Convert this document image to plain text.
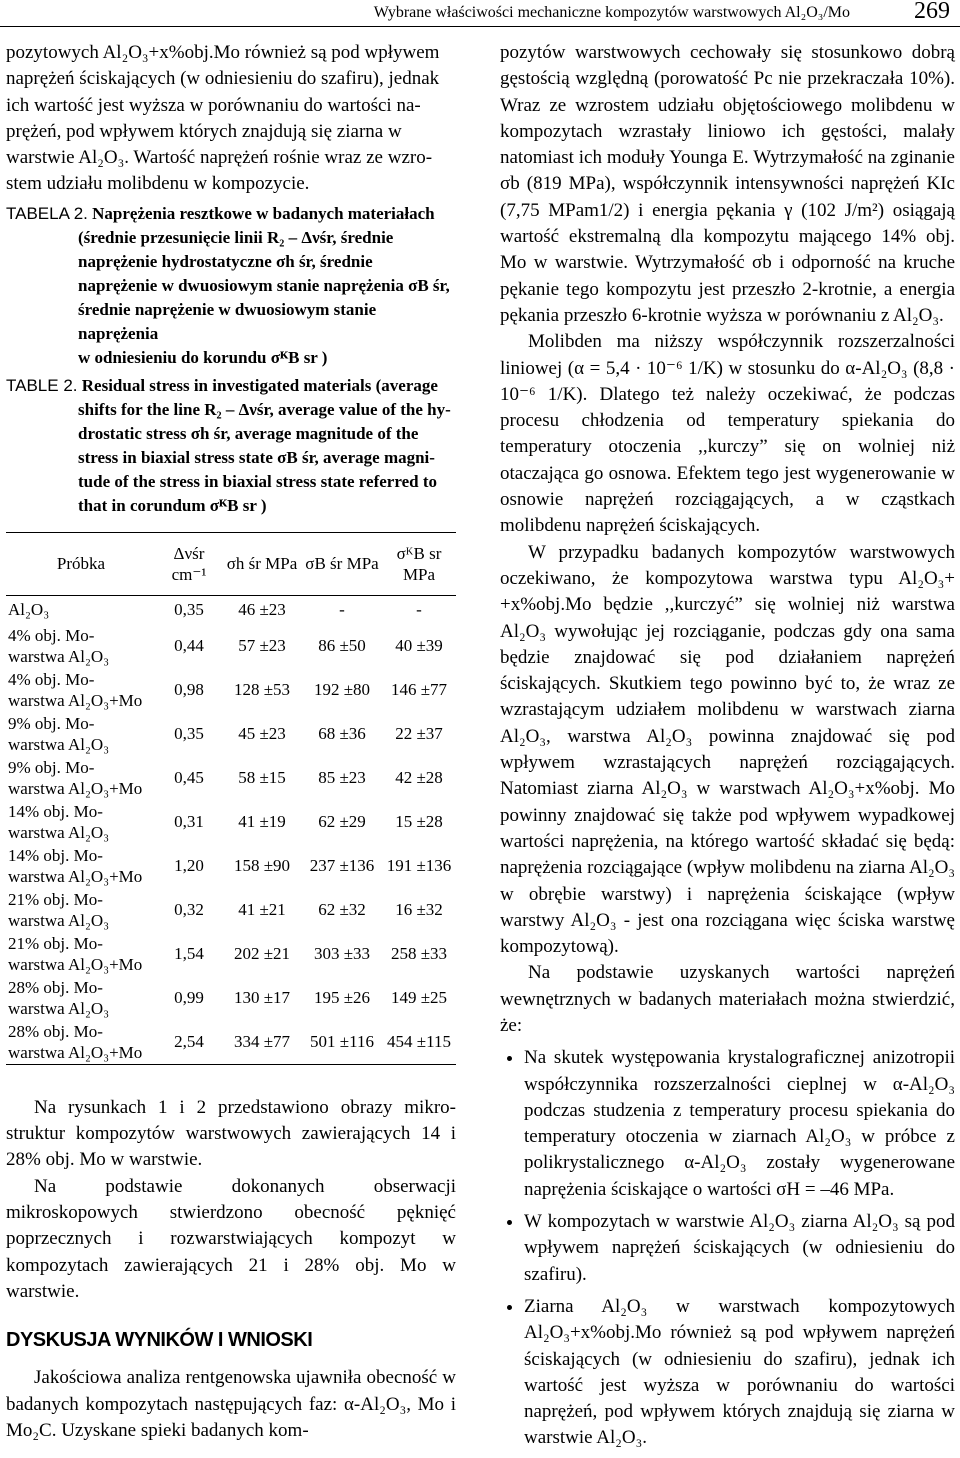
Wybrane właściwości mechaniczne kompozytów warstwowych Al₂O₃/Mo	269

pozytowych Al₂O₃+x%obj.Mo również są pod wpływem
naprężeń ściskających (w odniesieniu do szafiru), jednak
ich wartość jest wyższa w porównaniu do wartości na-
prężeń, pod wpływem których znajdują się ziarna w
warstwie Al₂O₃. Wartość naprężeń rośnie wraz ze wzro-
stem udziału molibdenu w kompozycie.

TABELA 2. Naprężenia resztkowe w badanych materiałach
(średnie przesunięcie linii R₂ – Δνśr, średnie
naprężenie hydrostatyczne σh śr, średnie
naprężenie w dwuosiowym stanie naprężenia σB śr,
średnie naprężenie w dwuosiowym stanie
naprężenia
w odniesieniu do korundu σᴷB sr )
TABLE 2. Residual stress in investigated materials (average
shifts for the line R₂ – Δνśr, average value of the hy-
drostatic stress σh śr, average magnitude of the
stress in biaxial stress state σB śr, average magni-
tude of the stress in biaxial stress state referred to
that in corundum σᴷB sr )
Próbka	Δνśr cm⁻¹	σh śr MPa	σB śr MPa	σᴷB sr MPa
Al₂O₃	0,35	46 ±23	-	-
4% obj. Mo-
warstwa Al₂O₃	0,44	57 ±23	86 ±50	40 ±39
4% obj. Mo-
warstwa Al₂O₃+Mo	0,98	128 ±53	192 ±80	146 ±77
9% obj. Mo-
warstwa Al₂O₃	0,35	45 ±23	68 ±36	22 ±37
9% obj. Mo-
warstwa Al₂O₃+Mo	0,45	58 ±15	85 ±23	42 ±28
14% obj. Mo-
warstwa Al₂O₃	0,31	41 ±19	62 ±29	15 ±28
14% obj. Mo-
warstwa Al₂O₃+Mo	1,20	158 ±90	237 ±136	191 ±136
21% obj. Mo-
warstwa Al₂O₃	0,32	41 ±21	62 ±32	16 ±32
21% obj. Mo-
warstwa Al₂O₃+Mo	1,54	202 ±21	303 ±33	258 ±33
28% obj. Mo-
warstwa Al₂O₃	0,99	130 ±17	195 ±26	149 ±25
28% obj. Mo-
warstwa Al₂O₃+Mo	2,54	334 ±77	501 ±116	454 ±115

Na rysunkach 1 i 2 przedstawiono obrazy mikro-struktur kompozytów warstwowych zawierających 14 i 28% obj. Mo w warstwie.

Na podstawie dokonanych obserwacji mikroskopowych stwierdzono obecność pęknięć poprzecznych i rozwarstwiających kompozyt w kompozytach zawierających 21 i 28% obj. Mo w warstwie.

DYSKUSJA WYNIKÓW I WNIOSKI

Jakościowa analiza rentgenowska ujawniła obecność w badanych kompozytach następujących faz: α-Al₂O₃, Mo i Mo₂C. Uzyskane spieki badanych kom-

pozytów warstwowych cechowały się stosunkowo dobrą gęstością względną (porowatość Pc nie przekraczała 10%). Wraz ze wzrostem udziału objętościowego molibdenu w kompozytach wzrastały liniowo ich gęstości, malały natomiast ich moduły Younga E. Wytrzymałość na zginanie σb (819 MPa), współczynnik intensywności naprężeń KIc (7,75 MPam1/2) i energia pękania γ (102 J/m²) osiągają wartość ekstremalną dla kompozytu mającego 14% obj. Mo w warstwie. Wytrzymałość σb i odporność na kruche pękanie tego kompozytu jest przeszło 2-krotnie, a energia pękania przeszło 6-krotnie wyższa w porównaniu z Al₂O₃.

Molibden ma niższy współczynnik rozszerzalności liniowej (α = 5,4 · 10⁻⁶ 1/K) w stosunku do α-Al₂O₃ (8,8 · 10⁻⁶ 1/K). Dlatego też należy oczekiwać, że podczas procesu chłodzenia od temperatury spiekania do temperatury otoczenia ,,kurczy” się on wolniej niż otaczająca go osnowa. Efektem tego jest wygenerowanie w osnowie naprężeń rozciągających, a w cząstkach molibdenu naprężeń ściskających.

W przypadku badanych kompozytów warstwowych oczekiwano, że kompozytowa warstwa typu Al₂O₃+ +x%obj.Mo będzie ,,kurczyć” się wolniej niż warstwa Al₂O₃ wywołując jej rozciąganie, podczas gdy ona sama będzie znajdować się pod działaniem naprężeń ściskających. Skutkiem tego powinno być to, że wraz ze wzrastającym udziałem molibdenu w warstwach ziarna Al₂O₃, warstwa Al₂O₃ powinna znajdować się pod wpływem wzrastających naprężeń rozciągających. Natomiast ziarna Al₂O₃ w warstwach Al₂O₃+x%obj. Mo powinny znajdować się także pod wpływem wypadkowej wartości naprężenia, na którego wartość składać się będą: naprężenia rozciągające (wpływ molibdenu na ziarna Al₂O₃ w obrębie warstwy) i naprężenia ściskające (wpływ warstwy Al₂O₃ - jest ona rozciągana więc ściska warstwę kompozytową).

Na podstawie uzyskanych wartości naprężeń wewnętrznych w badanych materiałach można stwierdzić, że:

• Na skutek występowania krystalograficznej anizotropii współczynnika rozszerzalności cieplnej w α-Al₂O₃ podczas studzenia z temperatury procesu spiekania do temperatury otoczenia w ziarnach Al₂O₃ w próbce z polikrystalicznego α-Al₂O₃ zostały wygenerowane naprężenia ściskające o wartości σH = –46 MPa.
• W kompozytach w warstwie Al₂O₃ ziarna Al₂O₃ są pod wpływem naprężeń ściskających (w odniesieniu do szafiru).
• Ziarna Al₂O₃ w warstwach kompozytowych Al₂O₃+x%obj.Mo również są pod wpływem naprężeń ściskających (w odniesieniu do szafiru), jednak ich wartość jest wyższa w porównaniu do wartości naprężeń, pod wpływem których znajdują się ziarna w warstwie Al₂O₃.
